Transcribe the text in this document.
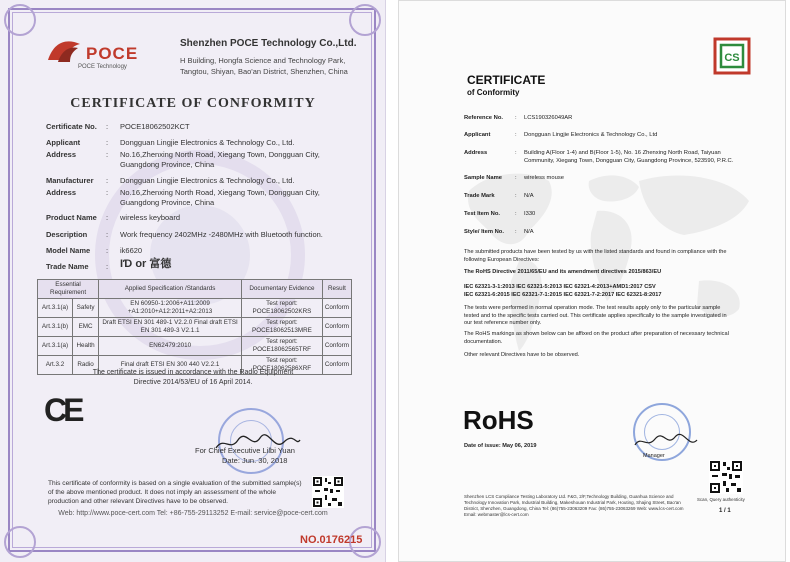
POCE
POCE Technology
Shenzhen POCE Technology Co.,Ltd.
H Building, Hongfa Science and Technology Park, Tangtou, Shiyan, Bao'an District, Shenzhen, China
CERTIFICATE OF CONFORMITY
Certificate No. : POCE18062502KCT
Applicant	: Dongguan Lingjie Electronics & Technology Co., Ltd.
Address	: No.16,Zhenxing North Road, Xiegang Town, Dongguan City, Guangdong Province, China
Manufacturer : Dongguan Lingjie Electronics & Technology Co., Ltd.
Address	: No.16,Zhenxing North Road, Xiegang Town, Dongguan City, Guangdong Province, China
Product Name : wireless keyboard
Description : Work frequency 2402MHz -2480MHz with Bluetooth function.
Model Name : ik6620
Trade Name : IƊ or 富德
Essential Requirement		Applied Specification /Standards	Documentary Evidence	Result
Art.3.1(a)	Safety	EN 60950-1:2006+A11:2009 +A1:2010+A12:2011+A2:2013	Test report: POCE18062502KRS	Conform
Art.3.1(b)	EMC	Draft ETSI EN 301 489-1 V2.2.0 Final draft ETSI EN 301 489-3 V2.1.1	Test report: POCE18062513MRE	Conform
Art.3.1(a)	Health	EN62479:2010	Test report: POCE18062565TRF	Conform
Art.3.2	Radio	Final draft ETSI EN 300 440 V2.2.1	Test report: POCE18062586XRF	Conform
The certificate is issued in accordance with the Radio Equipment
Directive 2014/53/EU of 16 April 2014.
CE
For Chief Executive Lilbi Yuan
Date: Jun. 30, 2018
This certificate of conformity is based on a single evaluation of the submitted sample(s) of the above mentioned product. It does not imply an assessment of the whole production and other relevant Directives have to be observed.
Web: http://www.poce-cert.com Tel: +86-755-29113252 E-mail: service@poce-cert.com
NO.0176215
CS
CERTIFICATE
of Conformity
Reference No. : LCS190326049AR
Applicant	: Dongguan Lingjie Electronics & Technology Co., Ltd
Address	: Building A(Floor 1-4) and B(Floor 1-5), No. 16 Zhenxing North Road, Taiyuan Community, Xiegang Town, Dongguan City, Guangdong Province, 523590, P.R.C.
Sample Name : wireless mouse
Trade Mark	: N/A
Test Item No.	: I330
Style/ Item No. : N/A
The submitted products have been tested by us with the listed standards and found in compliance with the following European Directives:
The RoHS Directive 2011/65/EU and its amendment directives 2015/863/EU
IEC 62321-3-1:2013 IEC 62321-5:2013 IEC 62321-4:2013+AMD1:2017 CSV
IEC 62321-6:2015 IEC 62321-7-1:2015 IEC 62321-7-2:2017 IEC 62321-8:2017
The tests were performed in normal operation mode. The test results apply only to the particular sample tested and to the specific tests carried out. This certificate applies specifically to the sample investigated in our test reference number only.
The RoHS markings as shown below can be affixed on the product after preparation of necessary technical documentation.
Other relevant Directives have to be observed.
RoHS
Date of issue: May 06, 2019
Manager
Scan, Query authenticity
1 / 1
Shenzhen LCS Compliance Testing Laboratory Ltd. F&G, 2/F,Technology Building, Guanhua Science and Technology Innovation Park, Industrial Building, Makeshouan Industrial Park, Houting, Shajing Street, Bao'an District, Shenzhen, Guangdong, China Tel: (86)755-23063209 Fax: (86)755-23063269 Web: www.lcs-cert.com Email: webmaster@lcs-cert.com
